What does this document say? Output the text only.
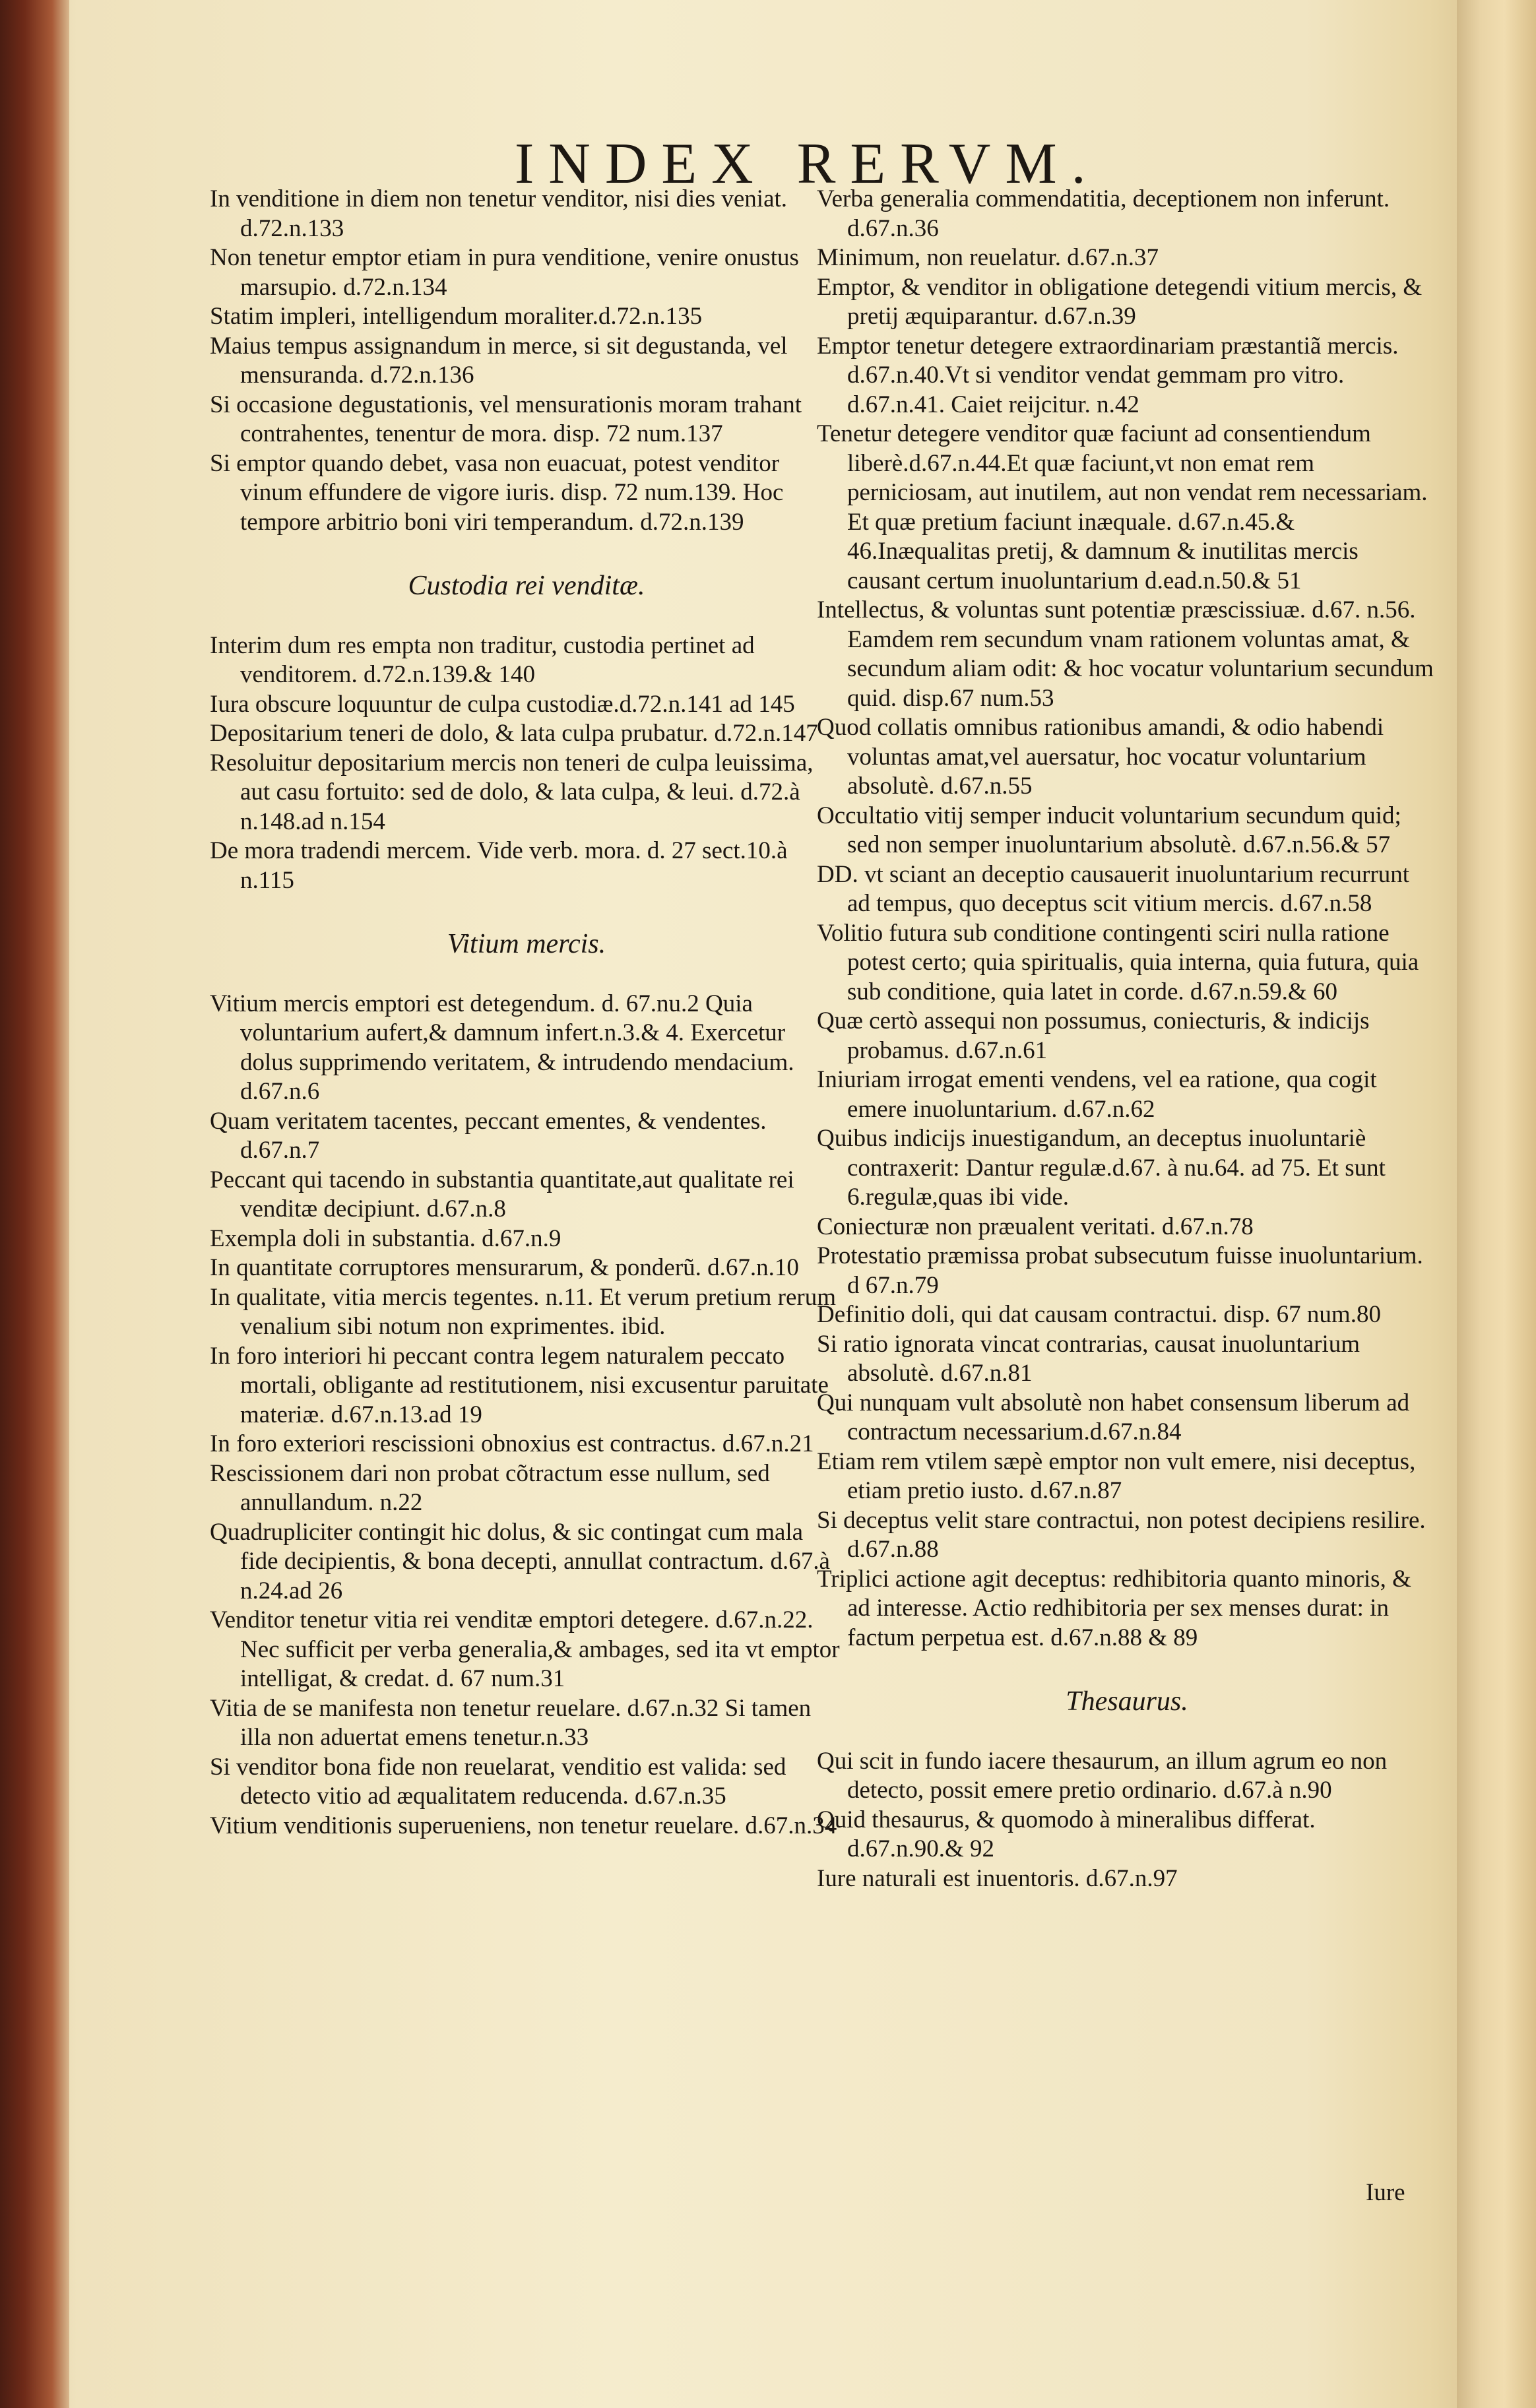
INDEX RERVM.

In venditione in diem non tenetur venditor, nisi dies veniat. d.72.n.133

Non tenetur emptor etiam in pura venditione, venire onustus marsupio. d.72.n.134

Statim impleri, intelligendum moraliter.d.72.n.135

Maius tempus assignandum in merce, si sit degustanda, vel mensuranda. d.72.n.136

Si occasione degustationis, vel mensurationis moram trahant contrahentes, tenentur de mora. disp. 72 num.137

Si emptor quando debet, vasa non euacuat, potest venditor vinum effundere de vigore iuris. disp. 72 num.139. Hoc tempore arbitrio boni viri temperandum. d.72.n.139

Custodia rei venditæ.

Interim dum res empta non traditur, custodia pertinet ad venditorem. d.72.n.139.& 140

Iura obscure loquuntur de culpa custodiæ.d.72.n.141 ad 145

Depositarium teneri de dolo, & lata culpa prubatur. d.72.n.147

Resoluitur depositarium mercis non teneri de culpa leuissima, aut casu fortuito: sed de dolo, & lata culpa, & leui. d.72.à n.148.ad n.154

De mora tradendi mercem. Vide verb. mora. d. 27 sect.10.à n.115

Vitium mercis.

Vitium mercis emptori est detegendum. d. 67.nu.2 Quia voluntarium aufert,& damnum infert.n.3.& 4. Exercetur dolus supprimendo veritatem, & intrudendo mendacium. d.67.n.6

Quam veritatem tacentes, peccant ementes, & vendentes. d.67.n.7

Peccant qui tacendo in substantia quantitate,aut qualitate rei venditæ decipiunt. d.67.n.8

Exempla doli in substantia. d.67.n.9

In quantitate corruptores mensurarum, & ponderũ. d.67.n.10

In qualitate, vitia mercis tegentes. n.11. Et verum pretium rerum venalium sibi notum non exprimentes. ibid.

In foro interiori hi peccant contra legem naturalem peccato mortali, obligante ad restitutionem, nisi excusentur paruitate materiæ. d.67.n.13.ad 19

In foro exteriori rescissioni obnoxius est contractus. d.67.n.21

Rescissionem dari non probat cõtractum esse nullum, sed annullandum. n.22

Quadrupliciter contingit hic dolus, & sic contingat cum mala fide decipientis, & bona decepti, annullat contractum. d.67.à n.24.ad 26

Venditor tenetur vitia rei venditæ emptori detegere. d.67.n.22. Nec sufficit per verba generalia,& ambages, sed ita vt emptor intelligat, & credat. d. 67 num.31

Vitia de se manifesta non tenetur reuelare. d.67.n.32 Si tamen illa non aduertat emens tenetur.n.33

Si venditor bona fide non reuelarat, venditio est valida: sed detecto vitio ad æqualitatem reducenda. d.67.n.35

Vitium venditionis superueniens, non tenetur reuelare. d.67.n.34

Verba generalia commendatitia, deceptionem non inferunt. d.67.n.36

Minimum, non reuelatur. d.67.n.37

Emptor, & venditor in obligatione detegendi vitium mercis, & pretij æquiparantur. d.67.n.39

Emptor tenetur detegere extraordinariam præstantiã mercis. d.67.n.40.Vt si venditor vendat gemmam pro vitro. d.67.n.41. Caiet reijcitur. n.42

Tenetur detegere venditor quæ faciunt ad consentiendum liberè.d.67.n.44.Et quæ faciunt,vt non emat rem perniciosam, aut inutilem, aut non vendat rem necessariam. Et quæ pretium faciunt inæquale. d.67.n.45.& 46.Inæqualitas pretij, & damnum & inutilitas mercis causant certum inuoluntarium d.ead.n.50.& 51

Intellectus, & voluntas sunt potentiæ præscissiuæ. d.67. n.56. Eamdem rem secundum vnam rationem voluntas amat, & secundum aliam odit: & hoc vocatur voluntarium secundum quid. disp.67 num.53

Quod collatis omnibus rationibus amandi, & odio habendi voluntas amat,vel auersatur, hoc vocatur voluntarium absolutè. d.67.n.55

Occultatio vitij semper inducit voluntarium secundum quid; sed non semper inuoluntarium absolutè. d.67.n.56.& 57

DD. vt sciant an deceptio causauerit inuoluntarium recurrunt ad tempus, quo deceptus scit vitium mercis. d.67.n.58

Volitio futura sub conditione contingenti sciri nulla ratione potest certo; quia spiritualis, quia interna, quia futura, quia sub conditione, quia latet in corde. d.67.n.59.& 60

Quæ certò assequi non possumus, coniecturis, & indicijs probamus. d.67.n.61

Iniuriam irrogat ementi vendens, vel ea ratione, qua cogit emere inuoluntarium. d.67.n.62

Quibus indicijs inuestigandum, an deceptus inuoluntariè contraxerit: Dantur regulæ.d.67. à nu.64. ad 75. Et sunt 6.regulæ,quas ibi vide.

Coniecturæ non præualent veritati. d.67.n.78

Protestatio præmissa probat subsecutum fuisse inuoluntarium. d 67.n.79

Definitio doli, qui dat causam contractui. disp. 67 num.80

Si ratio ignorata vincat contrarias, causat inuoluntarium absolutè. d.67.n.81

Qui nunquam vult absolutè non habet consensum liberum ad contractum necessarium.d.67.n.84

Etiam rem vtilem sæpè emptor non vult emere, nisi deceptus, etiam pretio iusto. d.67.n.87

Si deceptus velit stare contractui, non potest decipiens resilire. d.67.n.88

Triplici actione agit deceptus: redhibitoria quanto minoris, & ad interesse. Actio redhibitoria per sex menses durat: in factum perpetua est. d.67.n.88 & 89

Thesaurus.

Qui scit in fundo iacere thesaurum, an illum agrum eo non detecto, possit emere pretio ordinario. d.67.à n.90

Quid thesaurus, & quomodo à mineralibus differat. d.67.n.90.& 92

Iure naturali est inuentoris. d.67.n.97

Iure
